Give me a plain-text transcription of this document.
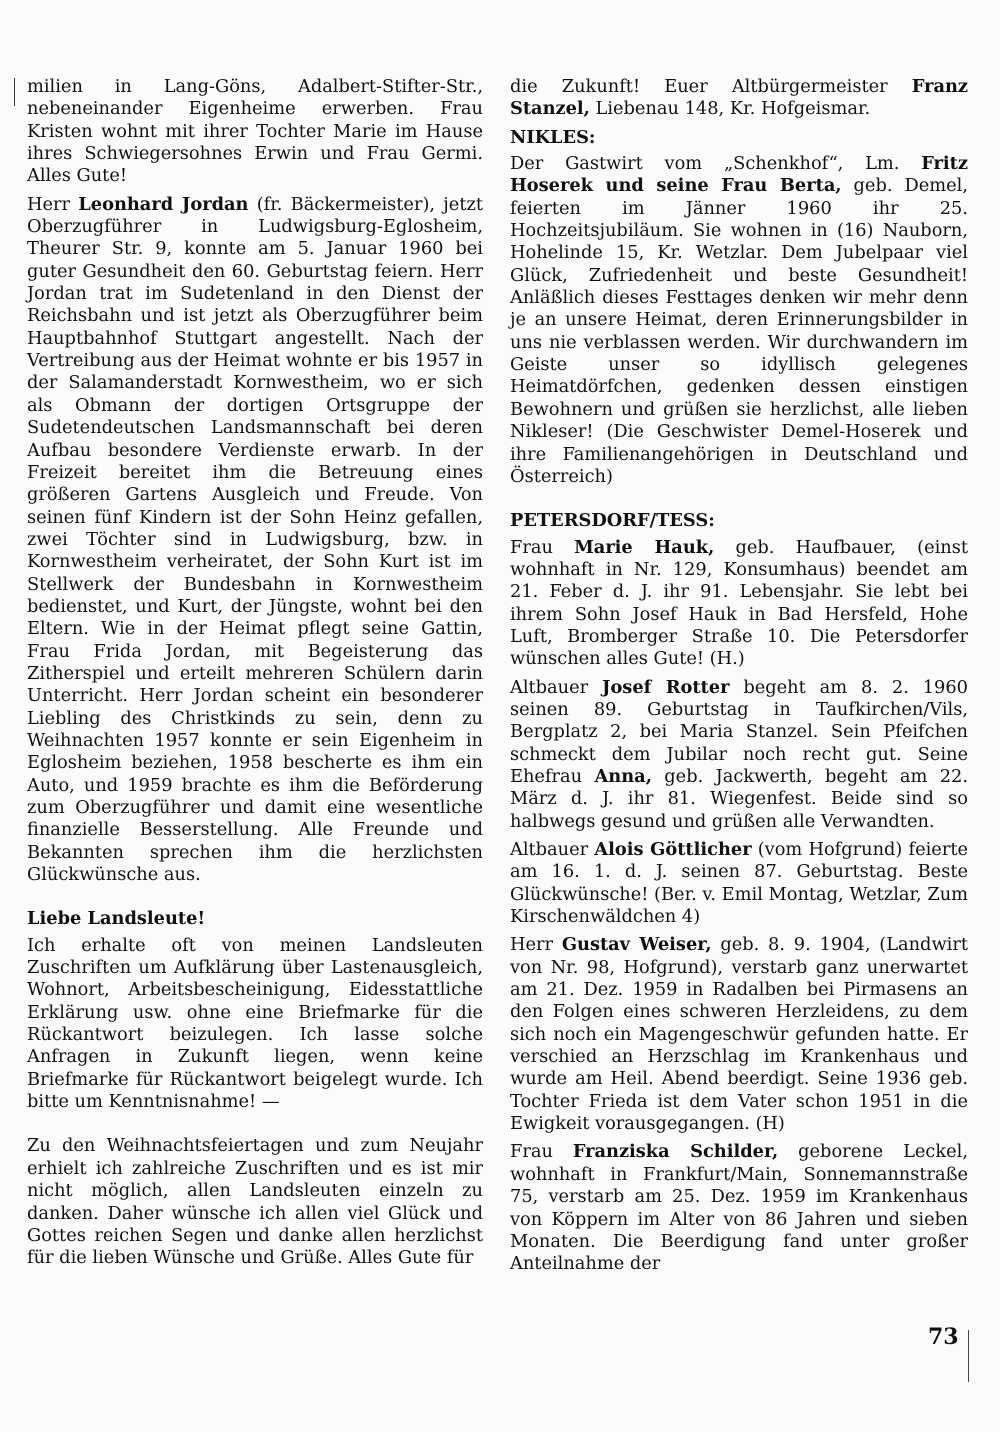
milien in Lang-Göns, Adalbert-Stifter-Str., nebeneinander Eigenheime erwerben. Frau Kristen wohnt mit ihrer Tochter Marie im Hause ihres Schwiegersohnes Erwin und Frau Germi. Alles Gute!

Herr Leonhard Jordan (fr. Bäckermeister), jetzt Oberzugführer in Ludwigsburg-Eglosheim, Theurer Str. 9, konnte am 5. Januar 1960 bei guter Gesundheit den 60. Geburtstag feiern. Herr Jordan trat im Sudetenland in den Dienst der Reichsbahn und ist jetzt als Oberzugführer beim Hauptbahnhof Stuttgart angestellt. Nach der Vertreibung aus der Heimat wohnte er bis 1957 in der Salamanderstadt Kornwestheim, wo er sich als Obmann der dortigen Ortsgruppe der Sudetendeutschen Landsmannschaft bei deren Aufbau besondere Verdienste erwarb. In der Freizeit bereitet ihm die Betreuung eines größeren Gartens Ausgleich und Freude. Von seinen fünf Kindern ist der Sohn Heinz gefallen, zwei Töchter sind in Ludwigsburg, bzw. in Kornwestheim verheiratet, der Sohn Kurt ist im Stellwerk der Bundesbahn in Kornwestheim bedienstet, und Kurt, der Jüngste, wohnt bei den Eltern. Wie in der Heimat pflegt seine Gattin, Frau Frida Jordan, mit Begeisterung das Zitherspiel und erteilt mehreren Schülern darin Unterricht. Herr Jordan scheint ein besonderer Liebling des Christkinds zu sein, denn zu Weihnachten 1957 konnte er sein Eigenheim in Eglosheim beziehen, 1958 bescherte es ihm ein Auto, und 1959 brachte es ihm die Beförderung zum Oberzugführer und damit eine wesentliche finanzielle Besserstellung. Alle Freunde und Bekannten sprechen ihm die herzlichsten Glückwünsche aus.

Liebe Landsleute!

Ich erhalte oft von meinen Landsleuten Zuschriften um Aufklärung über Lastenausgleich, Wohnort, Arbeitsbescheinigung, Eidesstattliche Erklärung usw. ohne eine Briefmarke für die Rückantwort beizulegen. Ich lasse solche Anfragen in Zukunft liegen, wenn keine Briefmarke für Rückantwort beigelegt wurde. Ich bitte um Kenntnisnahme! —

Zu den Weihnachtsfeiertagen und zum Neujahr erhielt ich zahlreiche Zuschriften und es ist mir nicht möglich, allen Landsleuten einzeln zu danken. Daher wünsche ich allen viel Glück und Gottes reichen Segen und danke allen herzlichst für die lieben Wünsche und Grüße. Alles Gute für

die Zukunft! Euer Altbürgermeister Franz Stanzel, Liebenau 148, Kr. Hofgeismar.

NIKLES:

Der Gastwirt vom „Schenkhof“, Lm. Fritz Hoserek und seine Frau Berta, geb. Demel, feierten im Jänner 1960 ihr 25. Hochzeitsjubiläum. Sie wohnen in (16) Nauborn, Hohelinde 15, Kr. Wetzlar. Dem Jubelpaar viel Glück, Zufriedenheit und beste Gesundheit! Anläßlich dieses Festtages denken wir mehr denn je an unsere Heimat, deren Erinnerungsbilder in uns nie verblassen werden. Wir durchwandern im Geiste unser so idyllisch gelegenes Heimatdörfchen, gedenken dessen einstigen Bewohnern und grüßen sie herzlichst, alle lieben Nikleser! (Die Geschwister Demel-Hoserek und ihre Familienangehörigen in Deutschland und Österreich)

PETERSDORF/TESS:

Frau Marie Hauk, geb. Haufbauer, (einst wohnhaft in Nr. 129, Konsumhaus) beendet am 21. Feber d. J. ihr 91. Lebensjahr. Sie lebt bei ihrem Sohn Josef Hauk in Bad Hersfeld, Hohe Luft, Bromberger Straße 10. Die Petersdorfer wünschen alles Gute! (H.)

Altbauer Josef Rotter begeht am 8. 2. 1960 seinen 89. Geburtstag in Taufkirchen/Vils, Bergplatz 2, bei Maria Stanzel. Sein Pfeifchen schmeckt dem Jubilar noch recht gut. Seine Ehefrau Anna, geb. Jackwerth, begeht am 22. März d. J. ihr 81. Wiegenfest. Beide sind so halbwegs gesund und grüßen alle Verwandten.

Altbauer Alois Göttlicher (vom Hofgrund) feierte am 16. 1. d. J. seinen 87. Geburtstag. Beste Glückwünsche! (Ber. v. Emil Montag, Wetzlar, Zum Kirschenwäldchen 4)

Herr Gustav Weiser, geb. 8. 9. 1904, (Landwirt von Nr. 98, Hofgrund), verstarb ganz unerwartet am 21. Dez. 1959 in Radalben bei Pirmasens an den Folgen eines schweren Herzleidens, zu dem sich noch ein Magengeschwür gefunden hatte. Er verschied an Herzschlag im Krankenhaus und wurde am Heil. Abend beerdigt. Seine 1936 geb. Tochter Frieda ist dem Vater schon 1951 in die Ewigkeit vorausgegangen. (H)

Frau Franziska Schilder, geborene Leckel, wohnhaft in Frankfurt/Main, Sonnemannstraße 75, verstarb am 25. Dez. 1959 im Krankenhaus von Köppern im Alter von 86 Jahren und sieben Monaten. Die Beerdigung fand unter großer Anteilnahme der

73
